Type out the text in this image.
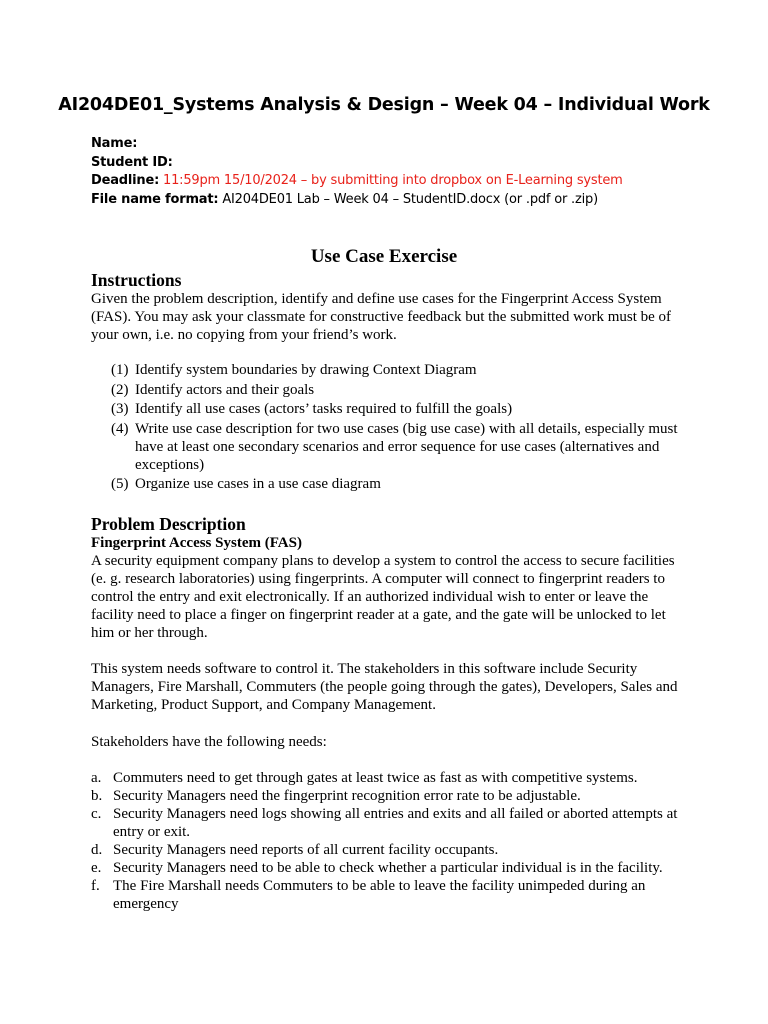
AI204DE01_Systems Analysis & Design – Week 04 – Individual Work
Name:
Student ID:
Deadline: 11:59pm 15/10/2024 – by submitting into dropbox on E-Learning system
File name format: AI204DE01 Lab – Week 04 – StudentID.docx (or .pdf or .zip)
Use Case Exercise
Instructions

Given the problem description, identify and define use cases for the Fingerprint Access System (FAS). You may ask your classmate for constructive feedback but the submitted work must be of your own, i.e. no copying from your friend’s work.

(1) Identify system boundaries by drawing Context Diagram
(2) Identify actors and their goals
(3) Identify all use cases (actors’ tasks required to fulfill the goals)
(4) Write use case description for two use cases (big use case) with all details, especially must have at least one secondary scenarios and error sequence for use cases (alternatives and exceptions)
(5) Organize use cases in a use case diagram
Problem Description
Fingerprint Access System (FAS)

A security equipment company plans to develop a system to control the access to secure facilities (e. g. research laboratories) using fingerprints. A computer will connect to fingerprint readers to control the entry and exit electronically. If an authorized individual wish to enter or leave the facility need to place a finger on fingerprint reader at a gate, and the gate will be unlocked to let him or her through.

This system needs software to control it. The stakeholders in this software include Security Managers, Fire Marshall, Commuters (the people going through the gates), Developers, Sales and Marketing, Product Support, and Company Management.

Stakeholders have the following needs:

a. Commuters need to get through gates at least twice as fast as with competitive systems.
b. Security Managers need the fingerprint recognition error rate to be adjustable.
c. Security Managers need logs showing all entries and exits and all failed or aborted attempts at entry or exit.
d. Security Managers need reports of all current facility occupants.
e. Security Managers need to be able to check whether a particular individual is in the facility.
f. The Fire Marshall needs Commuters to be able to leave the facility unimpeded during an emergency
